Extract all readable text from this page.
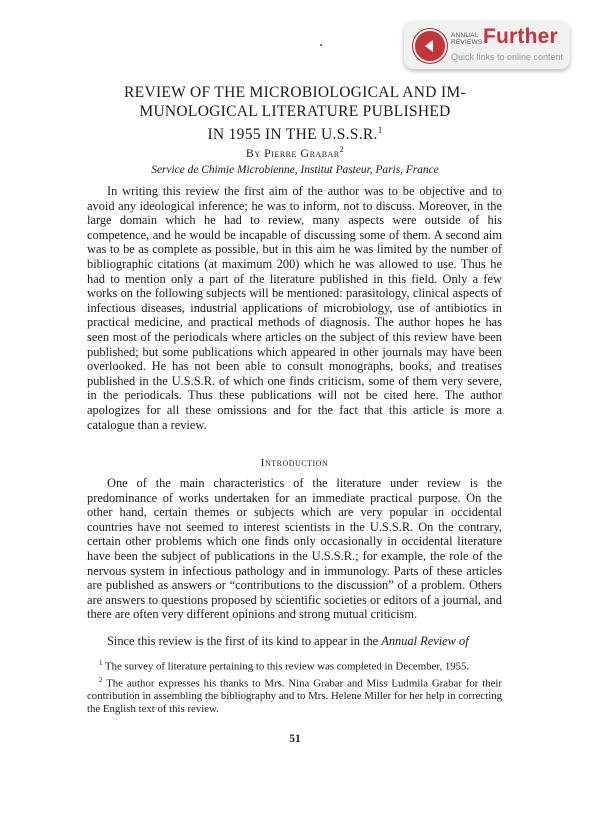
ANNUAL
REVIEWS Further
Quick links to online content
REVIEW OF THE MICROBIOLOGICAL AND IM-
MUNOLOGICAL LITERATURE PUBLISHED
IN 1955 IN THE U.S.S.R.$^1$
By Pierre Grabar$^2$
Service de Chimie Microbienne, Institut Pasteur, Paris, France

In writing this review the first aim of the author was to be objective and to avoid any ideological inference; he was to inform, not to discuss. Moreover, in the large domain which he had to review, many aspects were outside of his competence, and he would be incapable of discussing some of them. A second aim was to be as complete as possible, but in this aim he was limited by the number of bibliographic citations (at maximum 200) which he was allowed to use. Thus he had to mention only a part of the literature published in this field. Only a few works on the following subjects will be mentioned: parasitology, clinical aspects of infectious diseases, industrial applications of microbiology, use of antibiotics in practical medicine, and practical methods of diagnosis. The author hopes he has seen most of the periodicals where articles on the subject of this review have been published; but some publications which appeared in other journals may have been overlooked. He has not been able to consult monographs, books, and treatises published in the U.S.S.R. of which one finds criticism, some of them very severe, in the periodicals. Thus these publications will not be cited here. The author apologizes for all these omissions and for the fact that this article is more a catalogue than a review.

Introduction

One of the main characteristics of the literature under review is the predominance of works undertaken for an immediate practical purpose. On the other hand, certain themes or subjects which are very popular in occidental countries have not seemed to interest scientists in the U.S.S.R. On the contrary, certain other problems which one finds only occasionally in occidental literature have been the subject of publications in the U.S.S.R.; for example, the role of the nervous system in infectious pathology and in immunology. Parts of these articles are published as answers or “contributions to the discussion” of a problem. Others are answers to questions proposed by scientific societies or editors of a journal, and there are often very different opinions and strong mutual criticism.

Since this review is the first of its kind to appear in the Annual Review of

$^1$ The survey of literature pertaining to this review was completed in December, 1955.

$^2$ The author expresses his thanks to Mrs. Nina Grabar and Miss Ludmila Grabar for their contribution in assembling the bibliography and to Mrs. Helene Miller for her help in correcting the English text of this review.

51
